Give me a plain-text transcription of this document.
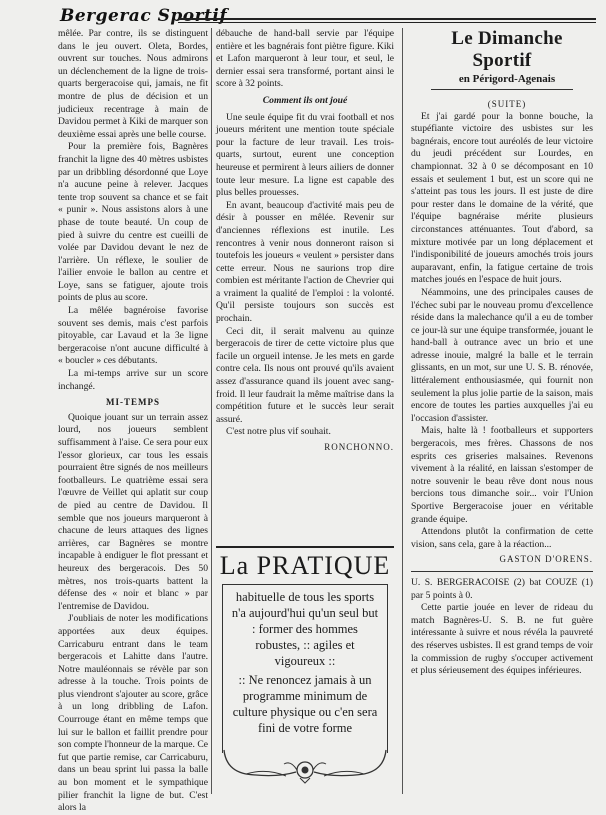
Bergerac Sportif

mêlée. Par contre, ils se distinguent dans le jeu ouvert. Oleta, Bordes, ouvrent sur touches. Nous admirons un déclenchement de la ligne de trois-quarts bergeracoise qui, jamais, ne fit montre de plus de décision et un judicieux recentrage à main de Davidou permet à Kiki de marquer son deuxième essai après une belle course.

Pour la première fois, Bagnères franchit la ligne des 40 mètres usbistes par un dribbling désordonné que Loye n'a aucune peine à relever. Jacques tente trop souvent sa chance et se fait « punir ». Nous assistons alors à une phase de toute beauté. Un coup de pied à suivre du centre est cueilli de volée par Davidou devant le nez de l'arrière. Un réflexe, le soulier de l'ailier envoie le ballon au centre et Loye, sans se fatiguer, ajoute trois points de plus au score.

La mêlée bagnéroise favorise souvent ses demis, mais c'est parfois pitoyable, car Lavaud et la 3e ligne bergeracoise n'ont aucune difficulté à « boucler » ces débutants.

La mi-temps arrive sur un score inchangé.

MI-TEMPS

Quoique jouant sur un terrain assez lourd, nos joueurs semblent suffisamment à l'aise. Ce sera pour eux l'essor glorieux, car tous les essais pourraient être signés de nos meilleurs footballeurs. Le quatrième essai sera l'œuvre de Veillet qui aplatit sur coup de pied au centre de Davidou. Il semble que nos joueurs marqueront à chacune de leurs attaques des lignes arrières, car Bagnères se montre incapable à endiguer le flot pressant et heureux des bergeracois. Des 50 mètres, nos trois-quarts battent la défense des « noir et blanc » par l'entremise de Davidou.

J'oubliais de noter les modifications apportées aux deux équipes. Carricaburu entrant dans le team bergeracois et Lahitte dans l'autre. Notre mauléonnais se révèle par son adresse à la touche. Trois points de plus viendront s'ajouter au score, grâce à un long dribbling de Lafon. Courrouge étant en même temps que lui sur le ballon et faillit prendre pour son compte l'honneur de la marque. Ce fut que partie remise, car Carricaburu, dans un beau sprint lui passa la balle au bon moment et le sympathique pilier franchit la ligne de but. C'est alors la

débauche de hand-ball servie par l'équipe entière et les bagnérais font piètre figure. Kiki et Lafon marqueront à leur tour, et seul, le dernier essai sera transformé, portant ainsi le score à 32 points.

Comment ils ont joué

Une seule équipe fit du vrai football et nos joueurs méritent une mention toute spéciale pour la facture de leur travail. Les trois-quarts, surtout, eurent une conception heureuse et permirent à leurs ailiers de donner toute leur mesure. La ligne est capable des plus belles prouesses.

En avant, beaucoup d'activité mais peu de désir à pousser en mêlée. Revenir sur d'anciennes réflexions est inutile. Les rencontres à venir nous donneront raison si toutefois les joueurs « veulent » persister dans cette erreur. Nous ne saurions trop dire combien est méritante l'action de Chevrier qui a vraiment la qualité de l'emploi : la volonté. Qu'il persiste toujours son succès est prochain.

Ceci dit, il serait malvenu au quinze bergeracois de tirer de cette victoire plus que facile un orgueil intense. Je les mets en garde contre cela. Ils nous ont prouvé qu'ils avaient assez d'assurance quand ils jouent avec sang-froid. Il leur faudrait la même maîtrise dans la compétition future et le succès leur serait assuré.

C'est notre plus vif souhait.

RONCHONNO.

La PRATIQUE

habituelle de tous les sports n'a aujourd'hui qu'un seul but : former des hommes robustes, :: agiles et vigoureux ::

:: Ne renoncez jamais à un programme minimum de culture physique ou c'en sera fini de votre forme

Le Dimanche Sportif

en Périgord-Agenais

(SUITE)

Et j'ai gardé pour la bonne bouche, la stupéfiante victoire des usbistes sur les bagnérais, encore tout auréolés de leur victoire du jeudi précédent sur Lourdes, en championnat. 32 à 0 se décomposant en 10 essais et seulement 1 but, est un score qui ne s'atteint pas tous les jours. Il est juste de dire pour rester dans le domaine de la vérité, que l'équipe bagnéraise mérite plusieurs circonstances atténuantes. Tout d'abord, sa mixture motivée par un long déplacement et l'indisponibilité de joueurs amochés trois jours auparavant, enfin, la fatigue certaine de trois matches joués en l'espace de huit jours.

Néammoins, une des principales causes de l'échec subi par le nouveau promu d'excellence réside dans la malechance qu'il a eu de tomber ce jour-là sur une équipe transformée, jouant le hand-ball à outrance avec un brio et une adresse inouie, malgré la balle et le terrain glissants, en un mot, sur une U. S. B. rénovée, littéralement enthousiasmée, qui fournit non seulement la plus jolie partie de la saison, mais encore de toutes les parties auxquelles j'ai eu l'occasion d'assister.

Mais, halte là ! footballeurs et supporters bergeracois, mes frères. Chassons de nos esprits ces griseries malsaines. Revenons vivement à la réalité, en laissan s'estomper de notre souvenir le beau rêve dont nous nous bercions tous dimanche soir... voir l'Union Sportive Bergeracoise jouer en véritable grande équipe.

Attendons plutôt la confirmation de cette vision, sans cela, gare à la réaction...

GASTON D'ORENS.

U. S. BERGERACOISE (2) bat COUZE (1) par 5 points à 0.

Cette partie jouée en lever de rideau du match Bagnères-U. S. B. ne fut guère intéressante à suivre et nous révéla la pauvreté des réserves usbistes. Il est grand temps de voir la commission de rugby s'occuper activement et plus sérieusement des équipes inférieures.
